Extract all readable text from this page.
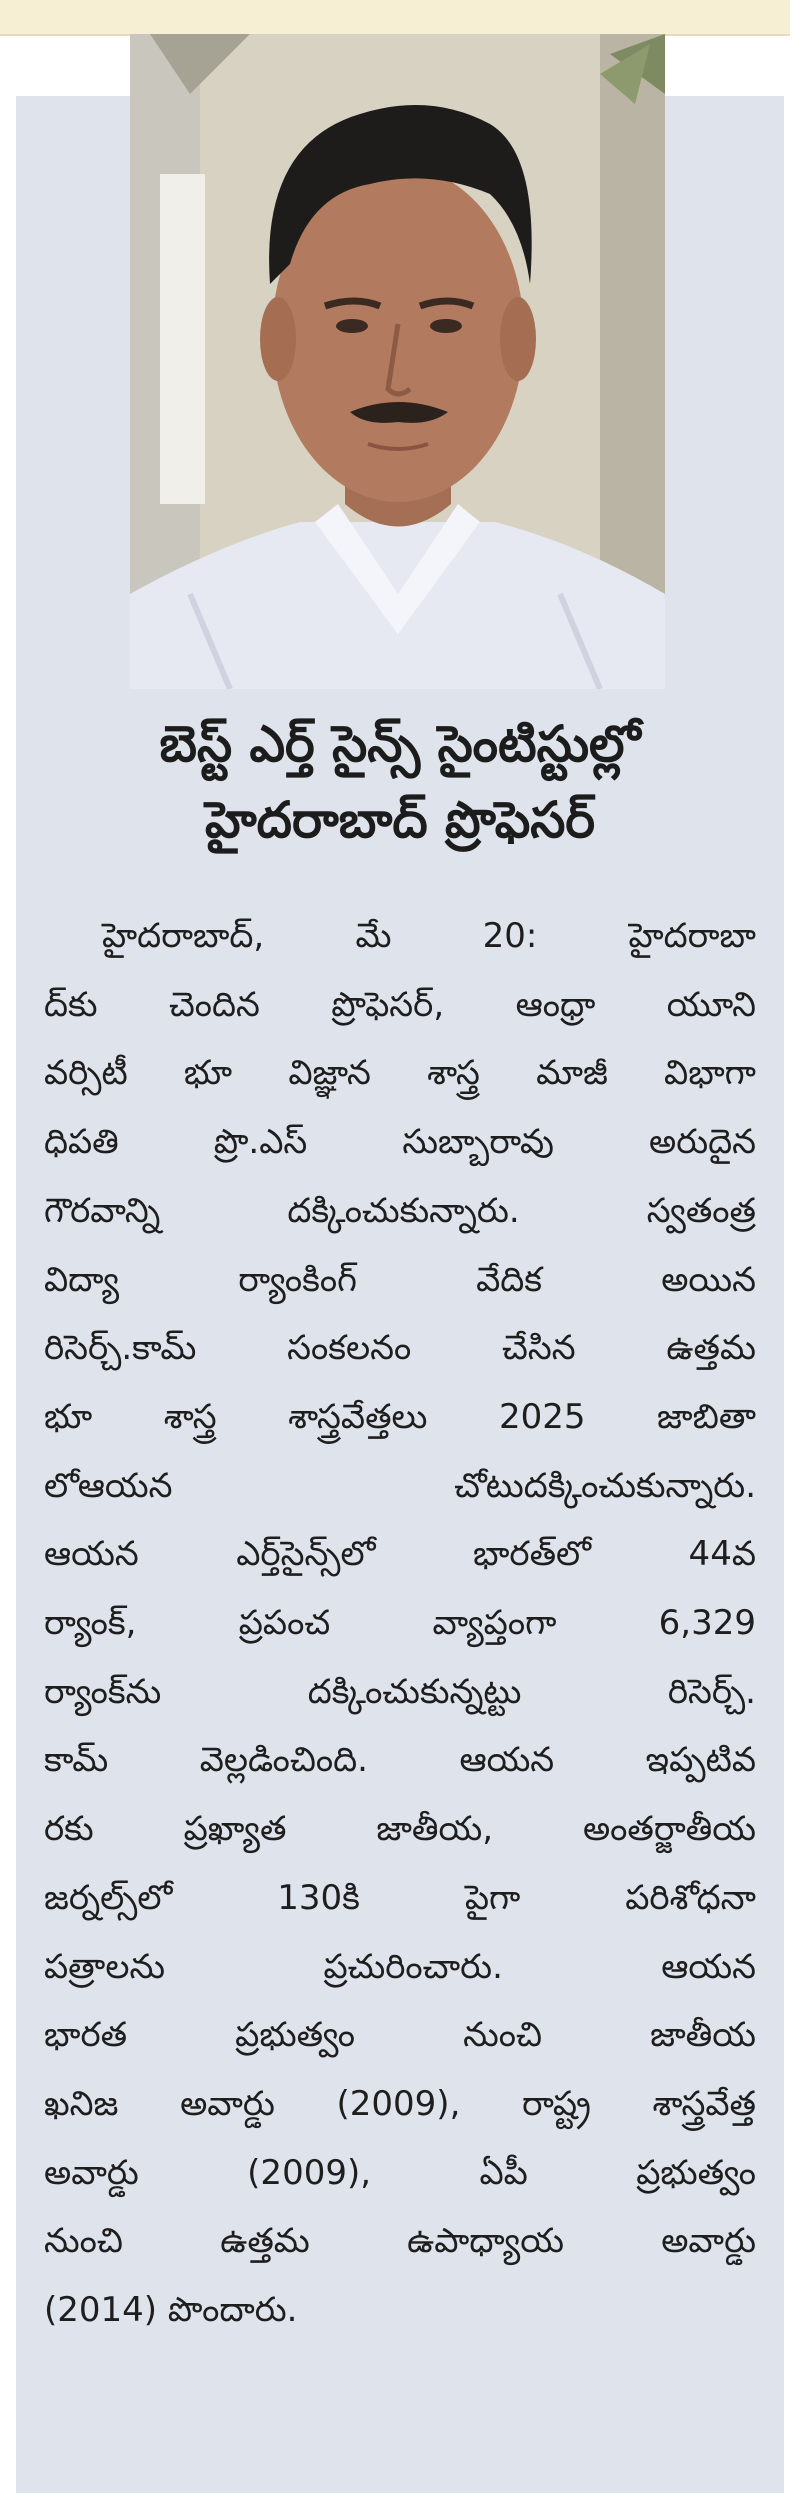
బెస్ట్ ఎర్త్ సైన్స్ సైంటిస్టుల్లో
హైదరాబాద్ ప్రొఫెసర్
హైదరాబాద్, మే 20: హైదరాబా
ద్‌కు చెందిన ప్రొఫెసర్, ఆంధ్రా యూని
వర్సిటీ భూ విజ్ఞాన శాస్త్ర మాజీ విభాగా
ధిపతి ప్రొ.ఎస్ సుబ్బారావు అరుదైన
గౌరవాన్ని దక్కించుకున్నారు. స్వతంత్ర
విద్యా ర్యాంకింగ్ వేదిక అయిన
రిసెర్చ్.కామ్ సంకలనం చేసిన ఉత్తమ
భూ శాస్త్ర శాస్త్రవేత్తలు 2025 జాబితా
లోఆయన చోటుదక్కించుకున్నారు.
ఆయన ఎర్త్‌సైన్స్‌లో భారత్‌లో 44వ
ర్యాంక్, ప్రపంచ వ్యాప్తంగా 6,329
ర్యాంక్‌ను దక్కించుకున్నట్టు రిసెర్చ్.
కామ్ వెల్లడించింది. ఆయన ఇప్పటివ
రకు ప్రఖ్యాత జాతీయ, అంతర్జాతీయ
జర్నల్స్‌లో 130కి పైగా పరిశోధనా
పత్రాలను ప్రచురించారు. ఆయన
భారత ప్రభుత్వం నుంచి జాతీయ
ఖనిజ అవార్డు (2009), రాష్ట్ర శాస్త్రవేత్త
అవార్డు (2009), ఏపీ ప్రభుత్వం
నుంచి ఉత్తమ ఉపాధ్యాయ అవార్డు
(2014) పొందారు.
